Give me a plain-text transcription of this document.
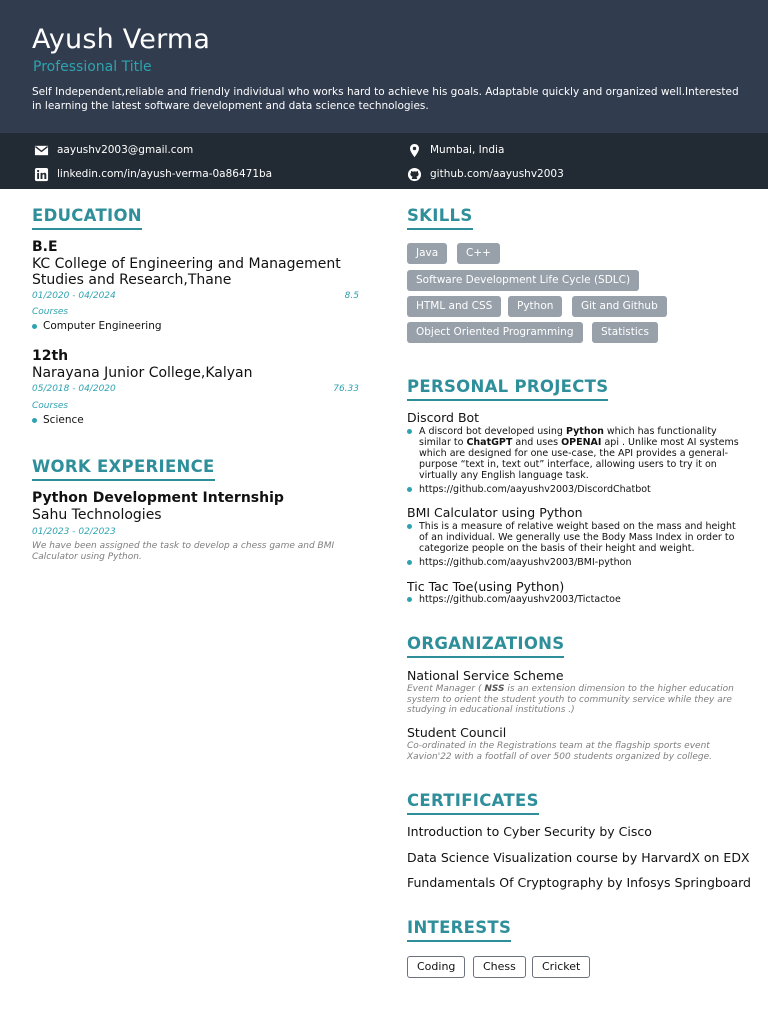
Ayush Verma
Professional Title
Self Independent,reliable and friendly individual who works hard to achieve his goals. Adaptable quickly and organized well.Interested in learning the latest software development and data science technologies.
aayushv2003@gmail.com	Mumbai, India
linkedin.com/in/ayush-verma-0a86471ba	github.com/aayushv2003
EDUCATION
B.E
KC College of Engineering and Management
Studies and Research,Thane
01/2020 - 04/2024	8.5
Courses
Computer Engineering
12th
Narayana Junior College,Kalyan
05/2018 - 04/2020	76.33
Courses
Science
WORK EXPERIENCE
Python Development Internship
Sahu Technologies
01/2023 - 02/2023
We have been assigned the task to develop a chess game and BMI
Calculator using Python.
SKILLS
Java	C++
Software Development Life Cycle (SDLC)
HTML and CSS	Python	Git and Github
Object Oriented Programming	Statistics
PERSONAL PROJECTS
Discord Bot
A discord bot developed using Python which has functionality
similar to ChatGPT and uses OPENAI api . Unlike most AI systems
which are designed for one use-case, the API provides a general-
purpose “text in, text out” interface, allowing users to try it on
virtually any English language task.
https://github.com/aayushv2003/DiscordChatbot
BMI Calculator using Python
This is a measure of relative weight based on the mass and height
of an individual. We generally use the Body Mass Index in order to
categorize people on the basis of their height and weight.
https://github.com/aayushv2003/BMI-python
Tic Tac Toe(using Python)
https://github.com/aayushv2003/Tictactoe
ORGANIZATIONS
National Service Scheme
Event Manager ( NSS is an extension dimension to the higher education
system to orient the student youth to community service while they are
studying in educational institutions .)
Student Council
Co-ordinated in the Registrations team at the flagship sports event
Xavion'22 with a footfall of over 500 students organized by college.
CERTIFICATES
Introduction to Cyber Security by Cisco
Data Science Visualization course by HarvardX on EDX
Fundamentals Of Cryptography by Infosys Springboard
INTERESTS
Coding	Chess	Cricket
